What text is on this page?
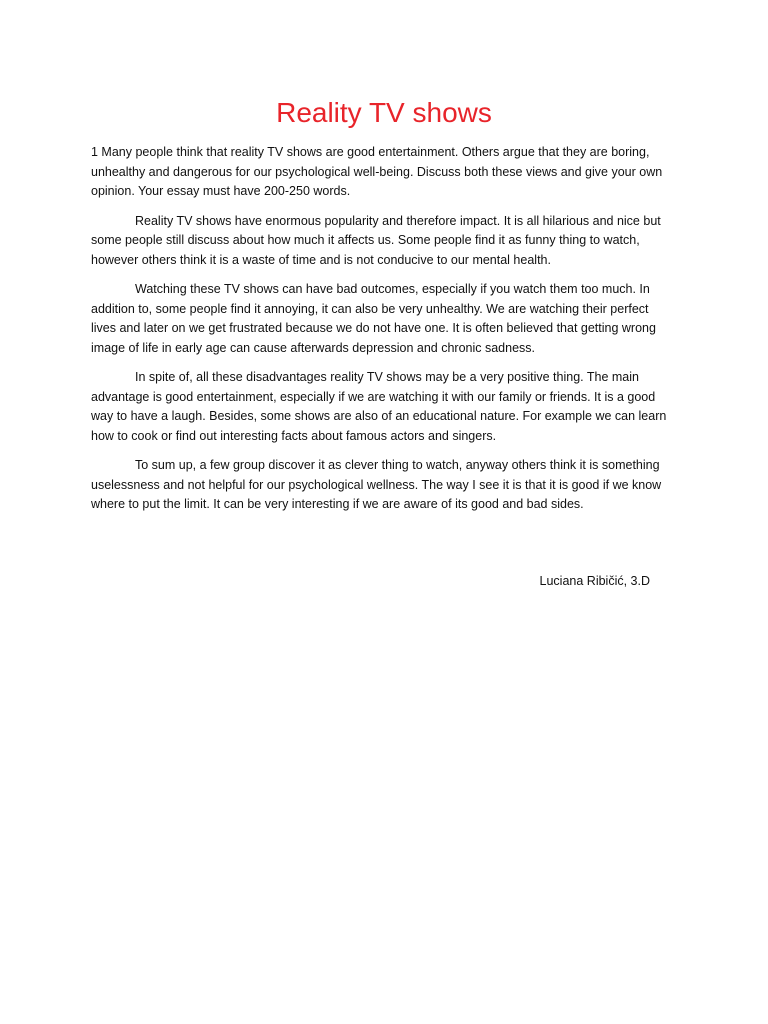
Reality TV shows

1 Many people think that reality TV shows are good entertainment. Others argue that they are boring, unhealthy and dangerous for our psychological well-being. Discuss both these views and give your own opinion. Your essay must have 200-250 words.

Reality TV shows have enormous popularity and therefore impact. It is all hilarious and nice but some people still discuss about how much it affects us. Some people find it as funny thing to watch, however others think it is a waste of time and is not conducive to our mental health.

Watching these TV shows can have bad outcomes, especially if you watch them too much. In addition to, some people find it annoying, it can also be very unhealthy. We are watching their perfect lives and later on we get frustrated because we do not have one. It is often believed that getting wrong image of life in early age can cause afterwards depression and chronic sadness.

In spite of, all these disadvantages reality TV shows may be a very positive thing. The main advantage is good entertainment, especially if we are watching it with our family or friends. It is a good way to have a laugh. Besides, some shows are also of an educational nature. For example we can learn how to cook or find out interesting facts about famous actors and singers.

To sum up, a few group discover it as clever thing to watch, anyway others think it is something uselessness and not helpful for our psychological wellness. The way I see it is that it is good if we know where to put the limit. It can be very interesting if we are aware of its good and bad sides.

Luciana Ribičić, 3.D
